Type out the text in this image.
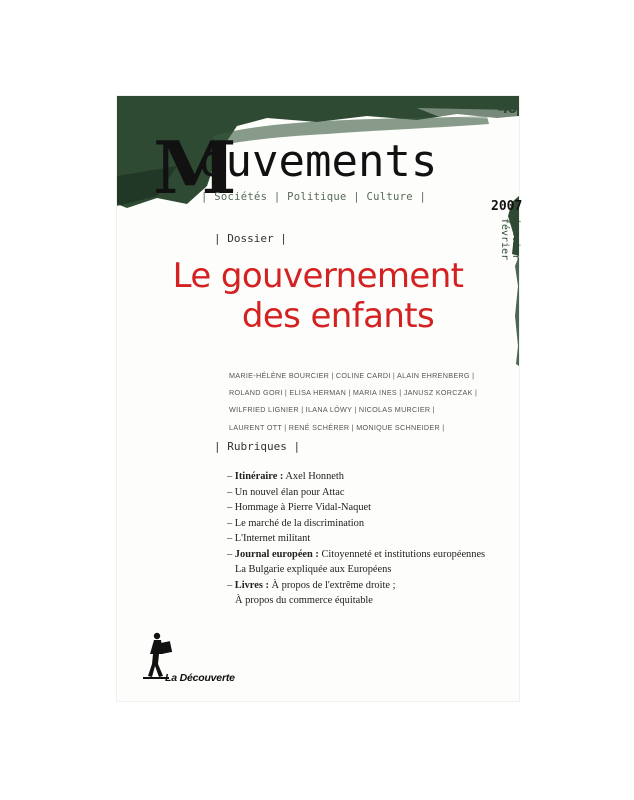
49
ouvements
M
| Sociétés | Politique | Culture |
2007
janvier
février
| Dossier |
Le gouvernement
des enfants
MARIE-HÉLÈNE BOURCIER | COLINE CARDI | ALAIN EHRENBERG |
ROLAND GORI | ELISA HERMAN | MARIA INES | JANUSZ KORCZAK |
WILFRIED LIGNIER | ILANA LÖWY | NICOLAS MURCIER |
LAURENT OTT | RENÉ SCHÉRER | MONIQUE SCHNEIDER |
| Rubriques |
– Itinéraire : Axel Honneth
– Un nouvel élan pour Attac
– Hommage à Pierre Vidal-Naquet
– Le marché de la discrimination
– L'Internet militant
– Journal européen : Citoyenneté et institutions européennes
La Bulgarie expliquée aux Européens
– Livres : À propos de l'extrême droite ;
À propos du commerce équitable
La Découverte
